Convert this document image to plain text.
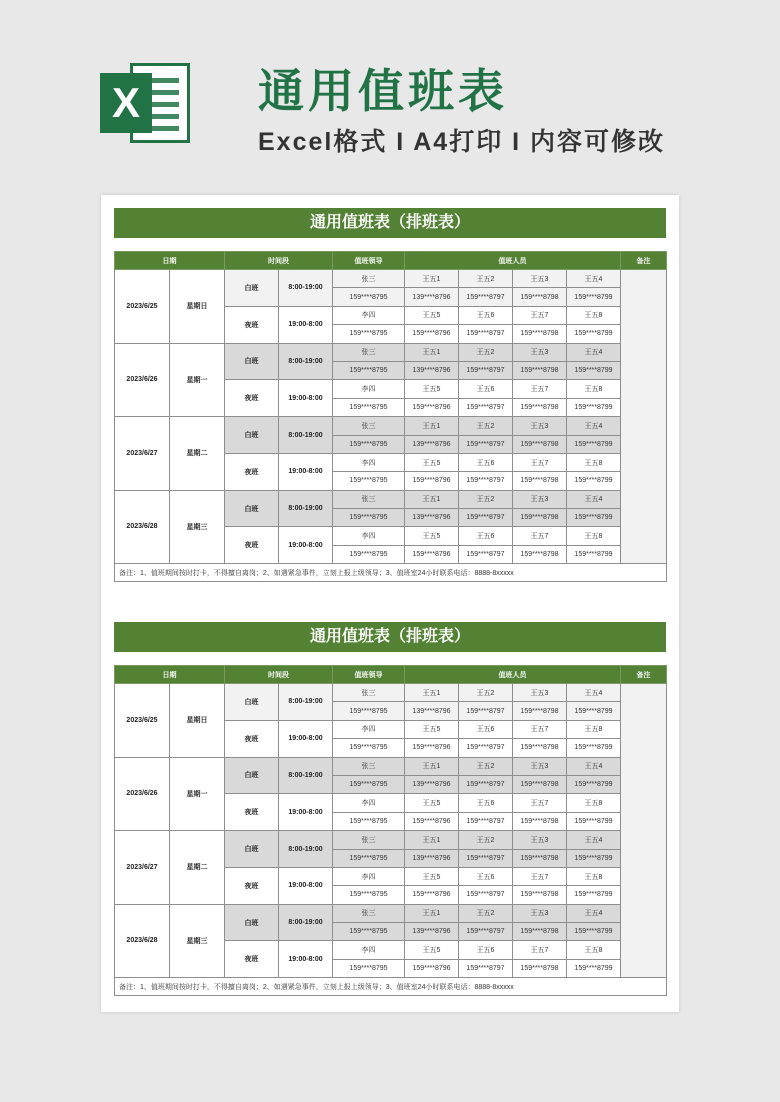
X	通用值班表

Excel格式 I A4打印 I 内容可修改

通用值班表（排班表）
日期		时间段		值班领导	值班人员				备注
2023/6/25	星期日	白班	8:00-19:00	张三	王五1	王五2	王五3	王五4	
				159****8795	139****8796	159****8797	159****8798	159****8799	
		夜班	19:00-8:00	李四	王五5	王五6	王五7	王五8	
				159****8795	159****8796	159****8797	159****8798	159****8799	
2023/6/26	星期一	白班	8:00-19:00	张三	王五1	王五2	王五3	王五4	
				159****8795	139****8796	159****8797	159****8798	159****8799	
		夜班	19:00-8:00	李四	王五5	王五6	王五7	王五8	
				159****8795	159****8796	159****8797	159****8798	159****8799	
2023/6/27	星期二	白班	8:00-19:00	张三	王五1	王五2	王五3	王五4	
				159****8795	139****8796	159****8797	159****8798	159****8799	
		夜班	19:00-8:00	李四	王五5	王五6	王五7	王五8	
				159****8795	159****8796	159****8797	159****8798	159****8799	
2023/6/28	星期三	白班	8:00-19:00	张三	王五1	王五2	王五3	王五4	
				159****8795	139****8796	159****8797	159****8798	159****8799	
		夜班	19:00-8:00	李四	王五5	王五6	王五7	王五8	
				159****8795	159****8796	159****8797	159****8798	159****8799	
备注：1、值班期间按时打卡，不得擅自离岗；2、如遇紧急事件，立刻上报上级领导；3、值班室24小时联系电话：8888-8xxxxx									
通用值班表（排班表）
日期		时间段		值班领导	值班人员				备注
2023/6/25	星期日	白班	8:00-19:00	张三	王五1	王五2	王五3	王五4	
				159****8795	139****8796	159****8797	159****8798	159****8799	
		夜班	19:00-8:00	李四	王五5	王五6	王五7	王五8	
				159****8795	159****8796	159****8797	159****8798	159****8799	
2023/6/26	星期一	白班	8:00-19:00	张三	王五1	王五2	王五3	王五4	
				159****8795	139****8796	159****8797	159****8798	159****8799	
		夜班	19:00-8:00	李四	王五5	王五6	王五7	王五8	
				159****8795	159****8796	159****8797	159****8798	159****8799	
2023/6/27	星期二	白班	8:00-19:00	张三	王五1	王五2	王五3	王五4	
				159****8795	139****8796	159****8797	159****8798	159****8799	
		夜班	19:00-8:00	李四	王五5	王五6	王五7	王五8	
				159****8795	159****8796	159****8797	159****8798	159****8799	
2023/6/28	星期三	白班	8:00-19:00	张三	王五1	王五2	王五3	王五4	
				159****8795	139****8796	159****8797	159****8798	159****8799	
		夜班	19:00-8:00	李四	王五5	王五6	王五7	王五8	
				159****8795	159****8796	159****8797	159****8798	159****8799	
备注：1、值班期间按时打卡，不得擅自离岗；2、如遇紧急事件，立刻上报上级领导；3、值班室24小时联系电话：8888-8xxxxx									
